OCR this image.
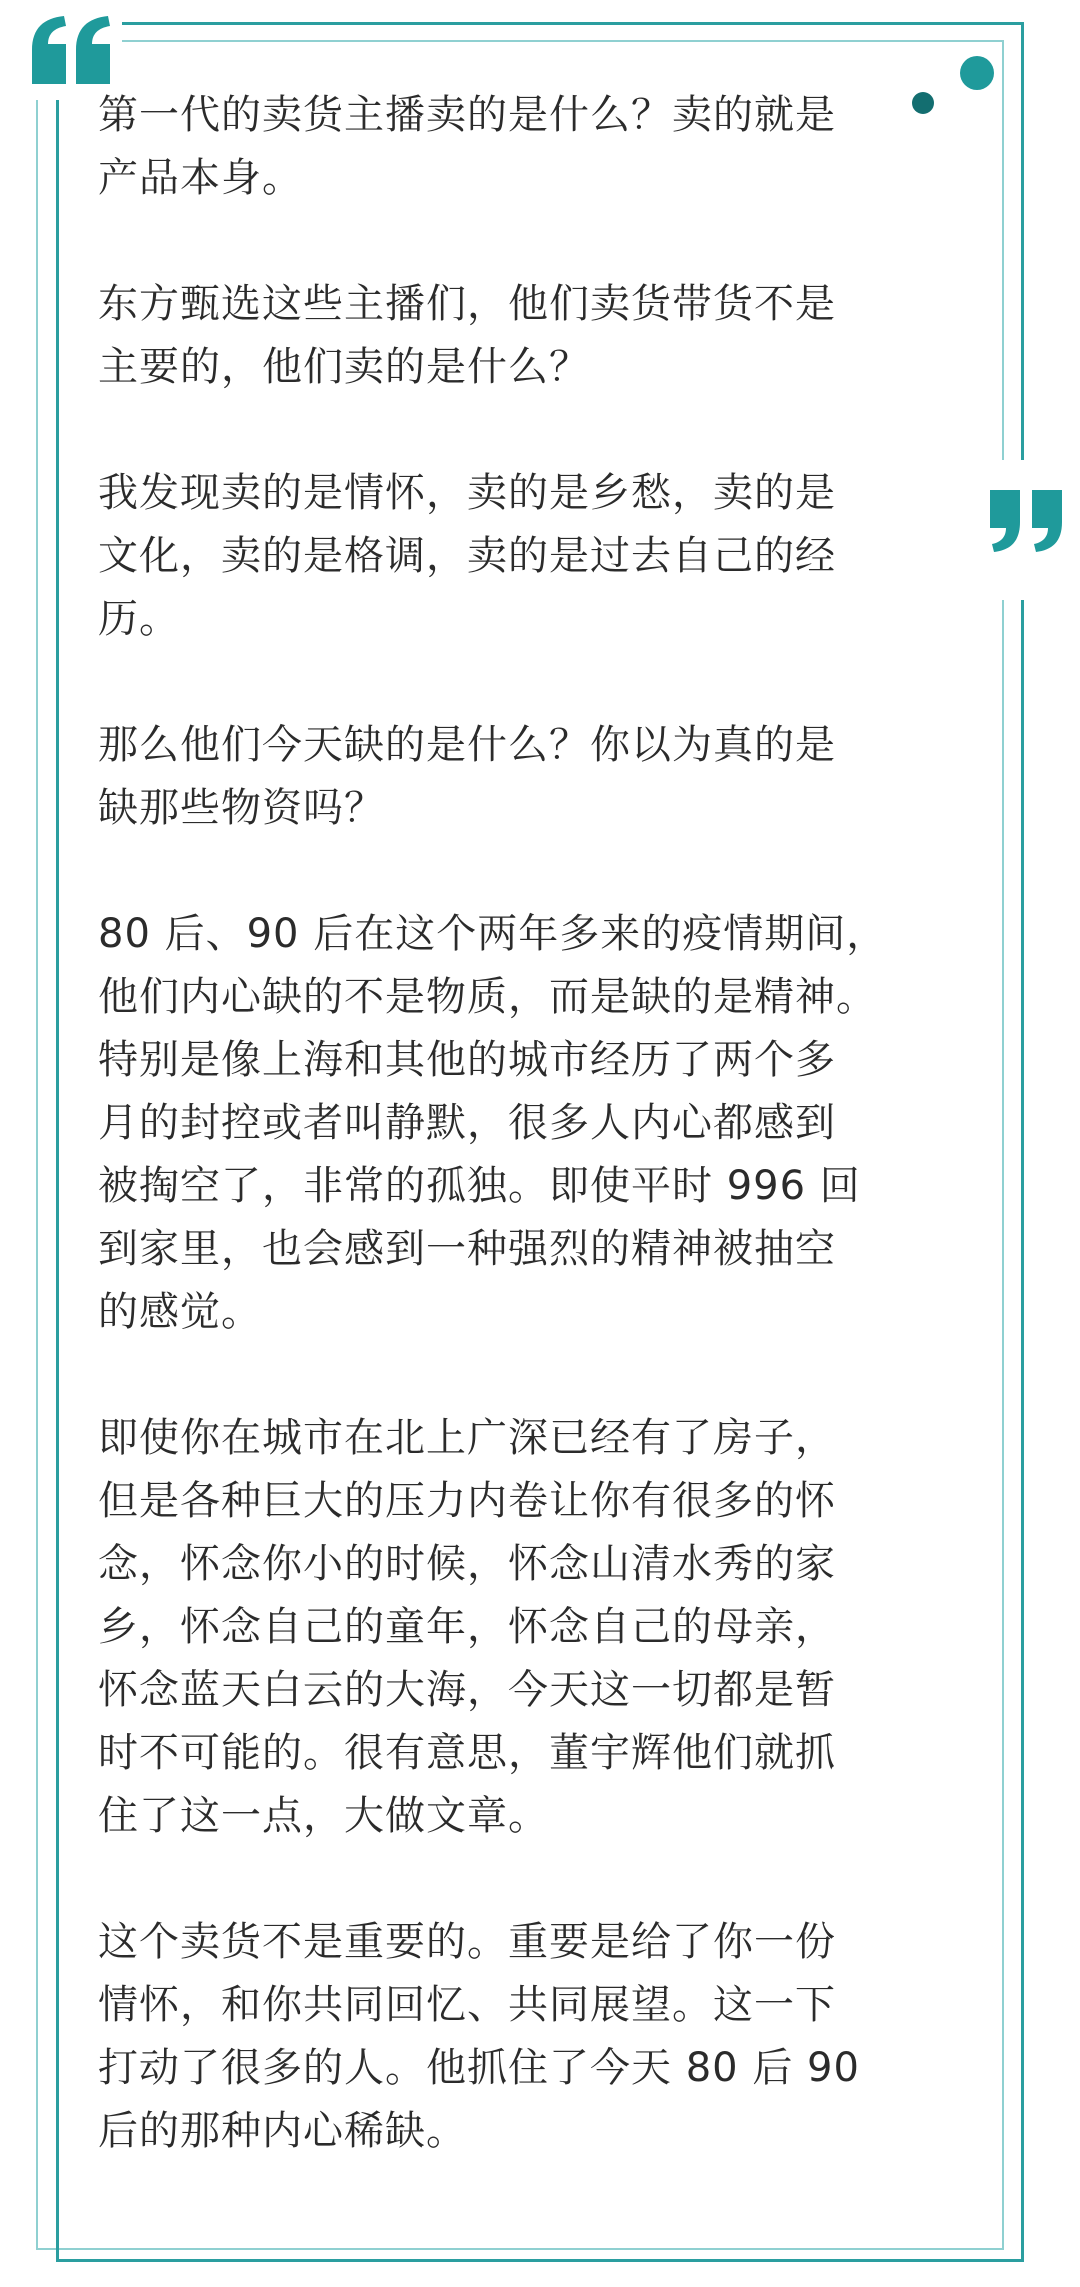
第一代的卖货主播卖的是什么？卖的就是
产品本身。

东方甄选这些主播们，他们卖货带货不是
主要的，他们卖的是什么？

我发现卖的是情怀，卖的是乡愁，卖的是
文化，卖的是格调，卖的是过去自己的经
历。

那么他们今天缺的是什么？你以为真的是
缺那些物资吗？

80 后、90 后在这个两年多来的疫情期间，
他们内心缺的不是物质，而是缺的是精神。
特别是像上海和其他的城市经历了两个多
月的封控或者叫静默，很多人内心都感到
被掏空了，非常的孤独。即使平时 996 回
到家里，也会感到一种强烈的精神被抽空
的感觉。

即使你在城市在北上广深已经有了房子，
但是各种巨大的压力内卷让你有很多的怀
念，怀念你小的时候，怀念山清水秀的家
乡，怀念自己的童年，怀念自己的母亲，
怀念蓝天白云的大海，今天这一切都是暂
时不可能的。很有意思，董宇辉他们就抓
住了这一点，大做文章。

这个卖货不是重要的。重要是给了你一份
情怀，和你共同回忆、共同展望。这一下
打动了很多的人。他抓住了今天 80 后 90
后的那种内心稀缺。
